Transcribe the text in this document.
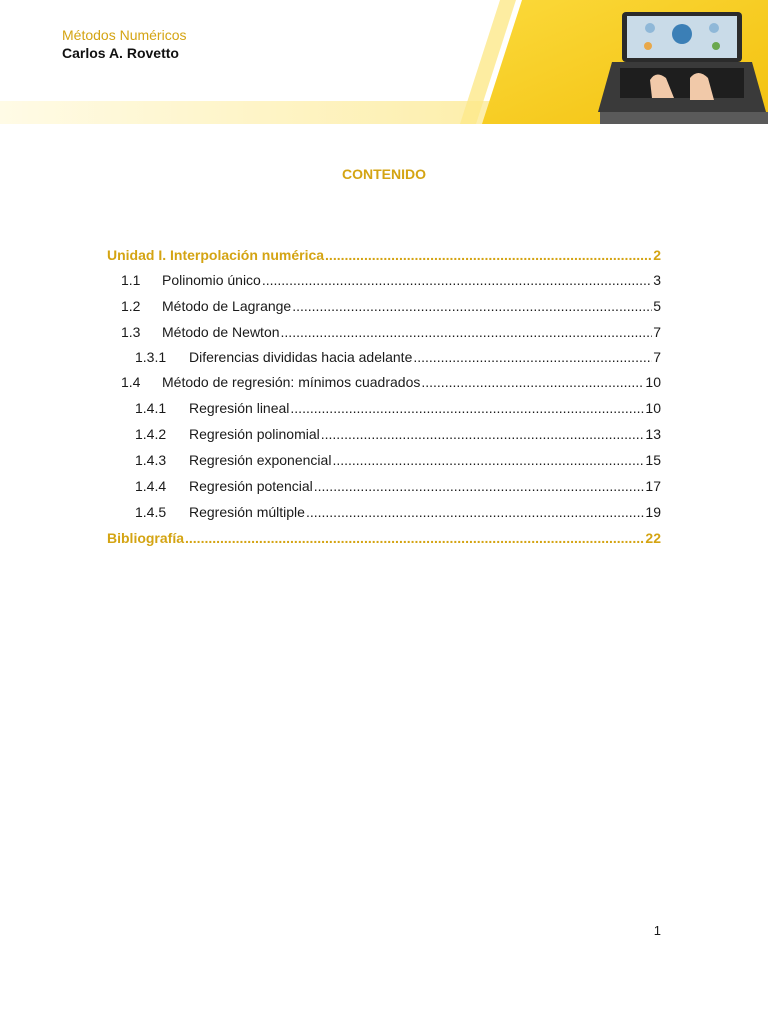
Métodos Numéricos
Carlos A. Rovetto
CONTENIDO
Unidad I. Interpolación numérica .....	2
1.1	Polinomio único .....	3
1.2	Método de Lagrange .....	5
1.3	Método de Newton .....	7
1.3.1	Diferencias divididas hacia adelante .....	7
1.4	Método de regresión: mínimos cuadrados .....	10
1.4.1	Regresión lineal .....	10
1.4.2	Regresión polinomial .....	13
1.4.3	Regresión exponencial .....	15
1.4.4	Regresión potencial .....	17
1.4.5	Regresión múltiple .....	19
Bibliografía .....	22
1
